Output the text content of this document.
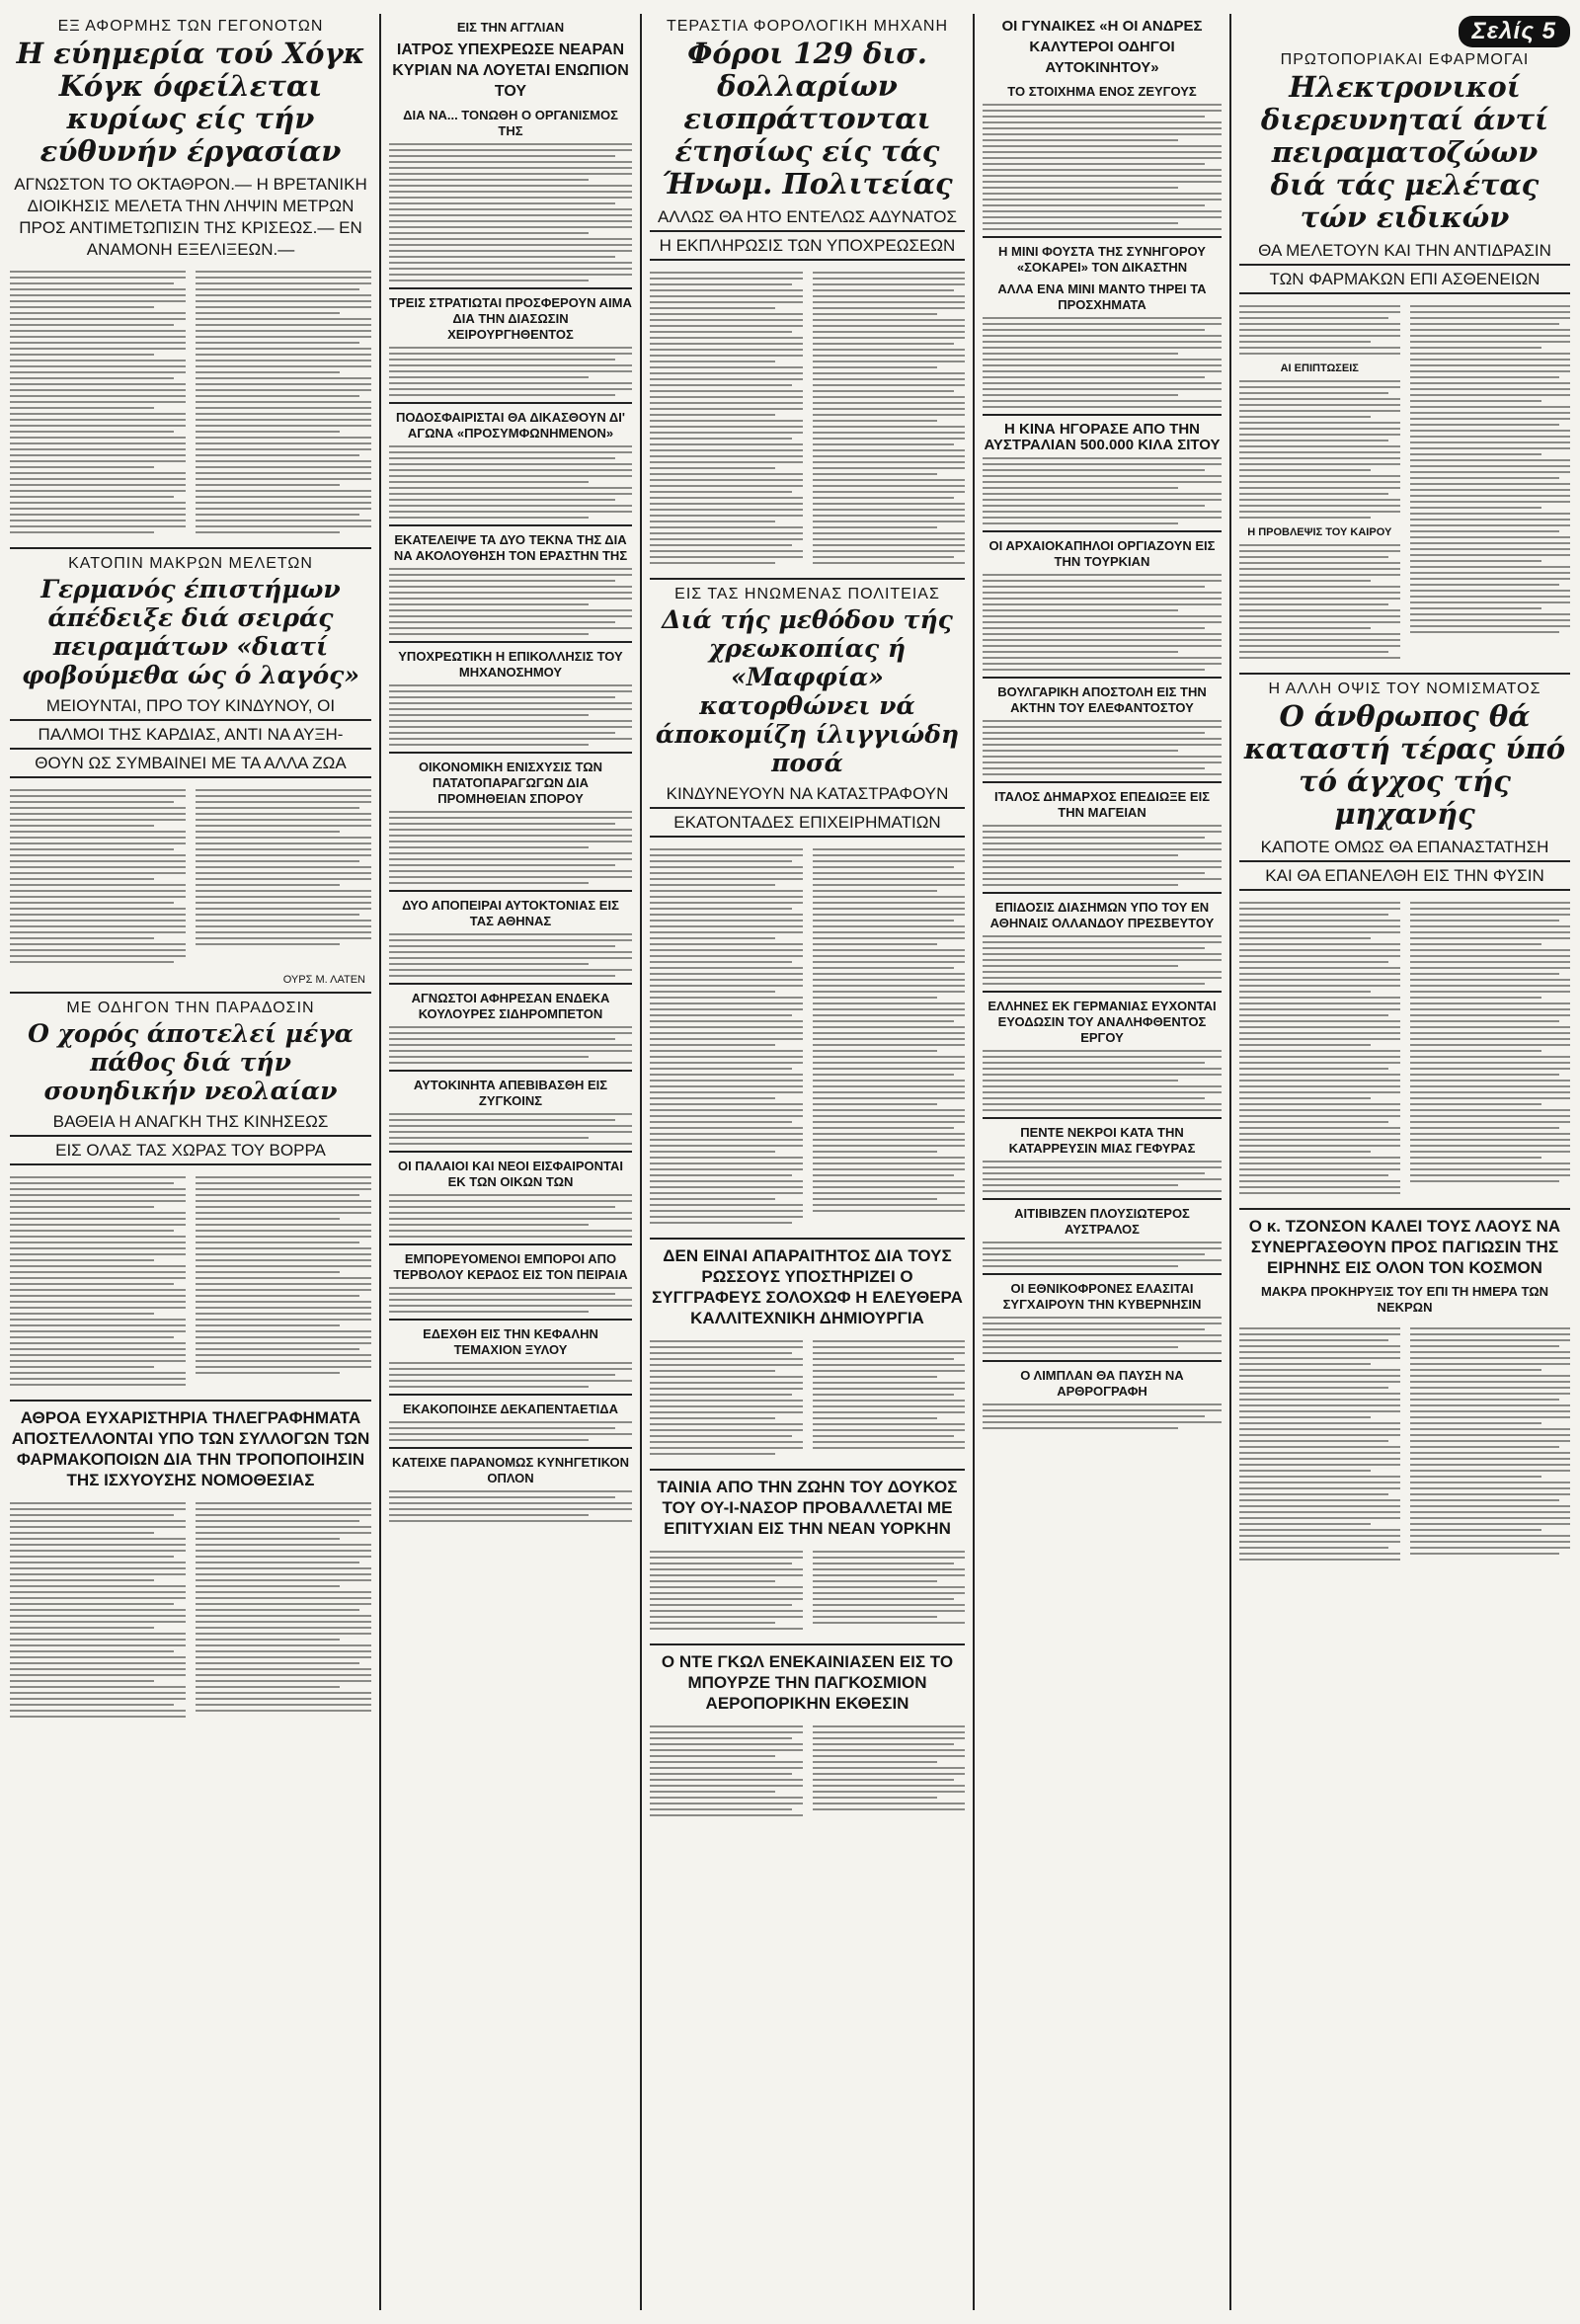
ΕΞ ΑΦΟΡΜΗΣ ΤΩΝ ΓΕΓΟΝΟΤΩΝ
Η εύημερία τού Χόγκ Κόγκ όφείλεται κυρίως είς τήν εύθυνήν έργασίαν
ΑΓΝΩΣΤΟΝ ΤΟ ΟΚΤΑΘΡΟΝ.— Η ΒΡΕΤΑΝΙΚΗ ΔΙΟΙΚΗΣΙΣ ΜΕΛΕΤΑ ΤΗΝ ΛΗΨΙΝ ΜΕΤΡΩΝ ΠΡΟΣ ΑΝΤΙΜΕΤΩΠΙΣΙΝ ΤΗΣ ΚΡΙΣΕΩΣ.— ΕΝ ΑΝΑΜΟΝΗ ΕΞΕΛΙΞΕΩΝ.—
ΚΑΤΟΠΙΝ ΜΑΚΡΩΝ ΜΕΛΕΤΩΝ
Γερμανός έπιστήμων άπέδειξε διά σειράς πειραμάτων «διατί φοβούμεθα ώς ό λαγός»
ΜΕΙΟΥΝΤΑΙ, ΠΡΟ ΤΟΥ ΚΙΝΔΥΝΟΥ, ΟΙ
ΠΑΛΜΟΙ ΤΗΣ ΚΑΡΔΙΑΣ, ΑΝΤΙ ΝΑ ΑΥΞΗ-
ΘΟΥΝ ΩΣ ΣΥΜΒΑΙΝΕΙ ΜΕ ΤΑ ΑΛΛΑ ΖΩΑ
ΟΥΡΣ Μ. ΛΑΤΕΝ
ΜΕ ΟΔΗΓΟΝ ΤΗΝ ΠΑΡΑΔΟΣΙΝ
Ο χορός άποτελεί μέγα πάθος διά τήν σουηδικήν νεολαίαν
ΒΑΘΕΙΑ Η ΑΝΑΓΚΗ ΤΗΣ ΚΙΝΗΣΕΩΣ
ΕΙΣ ΟΛΑΣ ΤΑΣ ΧΩΡΑΣ ΤΟΥ ΒΟΡΡΑ
ΑΘΡΟΑ ΕΥΧΑΡΙΣΤΗΡΙΑ ΤΗΛΕΓΡΑΦΗΜΑΤΑ ΑΠΟΣΤΕΛΛΟΝΤΑΙ ΥΠΟ ΤΩΝ ΣΥΛΛΟΓΩΝ ΤΩΝ ΦΑΡΜΑΚΟΠΟΙΩΝ ΔΙΑ ΤΗΝ ΤΡΟΠΟΠΟΙΗΣΙΝ ΤΗΣ ΙΣΧΥΟΥΣΗΣ ΝΟΜΟΘΕΣΙΑΣ
ΕΙΣ ΤΗΝ ΑΓΓΛΙΑΝ
ΙΑΤΡΟΣ ΥΠΕΧΡΕΩΣΕ ΝΕΑΡΑΝ ΚΥΡΙΑΝ ΝΑ ΛΟΥΕΤΑΙ ΕΝΩΠΙΟΝ ΤΟΥ
ΔΙΑ ΝΑ... ΤΟΝΩΘΗ Ο ΟΡΓΑΝΙΣΜΟΣ ΤΗΣ
ΤΡΕΙΣ ΣΤΡΑΤΙΩΤΑΙ ΠΡΟΣΦΕΡΟΥΝ ΑΙΜΑ ΔΙΑ ΤΗΝ ΔΙΑΣΩΣΙΝ ΧΕΙΡΟΥΡΓΗΘΕΝΤΟΣ
ΠΟΔΟΣΦΑΙΡΙΣΤΑΙ ΘΑ ΔΙΚΑΣΘΟΥΝ ΔΙ' ΑΓΩΝΑ «ΠΡΟΣΥΜΦΩΝΗΜΕΝΟΝ»
ΕΚΑΤΕΛΕΙΨΕ ΤΑ ΔΥΟ ΤΕΚΝΑ ΤΗΣ ΔΙΑ ΝΑ ΑΚΟΛΟΥΘΗΣΗ ΤΟΝ ΕΡΑΣΤΗΝ ΤΗΣ
ΥΠΟΧΡΕΩΤΙΚΗ Η ΕΠΙΚΟΛΛΗΣΙΣ ΤΟΥ ΜΗΧΑΝΟΣΗΜΟΥ
ΟΙΚΟΝΟΜΙΚΗ ΕΝΙΣΧΥΣΙΣ ΤΩΝ ΠΑΤΑΤΟΠΑΡΑΓΩΓΩΝ ΔΙΑ ΠΡΟΜΗΘΕΙΑΝ ΣΠΟΡΟΥ
ΔΥΟ ΑΠΟΠΕΙΡΑΙ ΑΥΤΟΚΤΟΝΙΑΣ ΕΙΣ ΤΑΣ ΑΘΗΝΑΣ
ΑΓΝΩΣΤΟΙ ΑΦΗΡΕΣΑΝ ΕΝΔΕΚΑ ΚΟΥΛΟΥΡΕΣ ΣΙΔΗΡΟΜΠΕΤΟΝ
ΑΥΤΟΚΙΝΗΤΑ ΑΠΕΒΙΒΑΣΘΗ ΕΙΣ ΖΥΓΚΟΙΝΣ
ΟΙ ΠΑΛΑΙΟΙ ΚΑΙ ΝΕΟΙ ΕΙΣΦΑΙΡΟΝΤΑΙ ΕΚ ΤΩΝ ΟΙΚΩΝ ΤΩΝ
ΕΜΠΟΡΕΥΟΜΕΝΟΙ ΕΜΠΟΡΟΙ ΑΠΟ ΤΕΡΒΟΛΟΥ ΚΕΡΔΟΣ ΕΙΣ ΤΟΝ ΠΕΙΡΑΙΑ
ΕΔΕΧΘΗ ΕΙΣ ΤΗΝ ΚΕΦΑΛΗΝ ΤΕΜΑΧΙΟΝ ΞΥΛΟΥ
ΕΚΑΚΟΠΟΙΗΣΕ ΔΕΚΑΠΕΝΤΑΕΤΙΔΑ
ΚΑΤΕΙΧΕ ΠΑΡΑΝΟΜΩΣ ΚΥΝΗΓΕΤΙΚΟΝ ΟΠΛΟΝ
ΤΕΡΑΣΤΙΑ ΦΟΡΟΛΟΓΙΚΗ ΜΗΧΑΝΗ
Φόροι 129 δισ. δολλαρίων εισπράττονται έτησίως είς τάς Ήνωμ. Πολιτείας
ΑΛΛΩΣ ΘΑ ΗΤΟ ΕΝΤΕΛΩΣ ΑΔΥΝΑΤΟΣ
Η ΕΚΠΛΗΡΩΣΙΣ ΤΩΝ ΥΠΟΧΡΕΩΣΕΩΝ
ΕΙΣ ΤΑΣ ΗΝΩΜΕΝΑΣ ΠΟΛΙΤΕΙΑΣ
Διά τής μεθόδου τής χρεωκοπίας ή «Μαφφία» κατορθώνει νά άποκομίζη ίλιγγιώδη ποσά
ΚΙΝΔΥΝΕΥΟΥΝ ΝΑ ΚΑΤΑΣΤΡΑΦΟΥΝ
ΕΚΑΤΟΝΤΑΔΕΣ ΕΠΙΧΕΙΡΗΜΑΤΙΩΝ
ΔΕΝ ΕΙΝΑΙ ΑΠΑΡΑΙΤΗΤΟΣ ΔΙΑ ΤΟΥΣ ΡΩΣΣΟΥΣ ΥΠΟΣΤΗΡΙΖΕΙ Ο ΣΥΓΓΡΑΦΕΥΣ ΣΟΛΟΧΩΦ Η ΕΛΕΥΘΕΡΑ ΚΑΛΛΙΤΕΧΝΙΚΗ ΔΗΜΙΟΥΡΓΙΑ
ΤΑΙΝΙΑ ΑΠΟ ΤΗΝ ΖΩΗΝ ΤΟΥ ΔΟΥΚΟΣ ΤΟΥ ΟΥ-Ι-ΝΑΣΟΡ ΠΡΟΒΑΛΛΕΤΑΙ ΜΕ ΕΠΙΤΥΧΙΑΝ ΕΙΣ ΤΗΝ ΝΕΑΝ ΥΟΡΚΗΝ
Ο ΝΤΕ ΓΚΩΛ ΕΝΕΚΑΙΝΙΑΣΕΝ ΕΙΣ ΤΟ ΜΠΟΥΡΖΕ ΤΗΝ ΠΑΓΚΟΣΜΙΟΝ ΑΕΡΟΠΟΡΙΚΗΝ ΕΚΘΕΣΙΝ
ΟΙ ΓΥΝΑΙΚΕΣ «Η ΟΙ ΑΝΔΡΕΣ ΚΑΛΥΤΕΡΟΙ ΟΔΗΓΟΙ ΑΥΤΟΚΙΝΗΤΟΥ»
ΤΟ ΣΤΟΙΧΗΜΑ ΕΝΟΣ ΖΕΥΓΟΥΣ
Η ΜΙΝΙ ΦΟΥΣΤΑ ΤΗΣ ΣΥΝΗΓΟΡΟΥ «ΣΟΚΑΡΕΙ» ΤΟΝ ΔΙΚΑΣΤΗΝ
ΑΛΛΑ ΕΝΑ ΜΙΝΙ ΜΑΝΤΟ ΤΗΡΕΙ ΤΑ ΠΡΟΣΧΗΜΑΤΑ
Η ΚΙΝΑ ΗΓΟΡΑΣΕ ΑΠΟ ΤΗΝ ΑΥΣΤΡΑΛΙΑΝ 500.000 ΚΙΛΑ ΣΙΤΟΥ
ΟΙ ΑΡΧΑΙΟΚΑΠΗΛΟΙ ΟΡΓΙΑΖΟΥΝ ΕΙΣ ΤΗΝ ΤΟΥΡΚΙΑΝ
ΒΟΥΛΓΑΡΙΚΗ ΑΠΟΣΤΟΛΗ ΕΙΣ ΤΗΝ ΑΚΤΗΝ ΤΟΥ ΕΛΕΦΑΝΤΟΣΤΟΥ
ΙΤΑΛΟΣ ΔΗΜΑΡΧΟΣ ΕΠΕΔΙΩΞΕ ΕΙΣ ΤΗΝ ΜΑΓΕΙΑΝ
ΕΠΙΔΟΣΙΣ ΔΙΑΣΗΜΩΝ ΥΠΟ ΤΟΥ ΕΝ ΑΘΗΝΑΙΣ ΟΛΛΑΝΔΟΥ ΠΡΕΣΒΕΥΤΟΥ
ΕΛΛΗΝΕΣ ΕΚ ΓΕΡΜΑΝΙΑΣ ΕΥΧΟΝΤΑΙ ΕΥΟΔΩΣΙΝ ΤΟΥ ΑΝΑΛΗΦΘΕΝΤΟΣ ΕΡΓΟΥ
ΠΕΝΤΕ ΝΕΚΡΟΙ ΚΑΤΑ ΤΗΝ ΚΑΤΑΡΡΕΥΣΙΝ ΜΙΑΣ ΓΕΦΥΡΑΣ
ΑΙΤΙΒΙΒΖΕΝ ΠΛΟΥΣΙΩΤΕΡΟΣ ΑΥΣΤΡΑΛΟΣ
ΟΙ ΕΘΝΙΚΟΦΡΟΝΕΣ ΕΛΑΣΙΤΑΙ ΣΥΓΧΑΙΡΟΥΝ ΤΗΝ ΚΥΒΕΡΝΗΣΙΝ
Ο ΛΙΜΠΛΑΝ ΘΑ ΠΑΥΣΗ ΝΑ ΑΡΘΡΟΓΡΑΦΗ
Σελίς 5
ΠΡΩΤΟΠΟΡΙΑΚΑΙ ΕΦΑΡΜΟΓΑΙ
Ηλεκτρονικοί διερευνηταί άντί πειραματοζώων διά τάς μελέτας τών ειδικών
ΘΑ ΜΕΛΕΤΟΥΝ ΚΑΙ ΤΗΝ ΑΝΤΙΔΡΑΣΙΝ
ΤΩΝ ΦΑΡΜΑΚΩΝ ΕΠΙ ΑΣΘΕΝΕΙΩΝ
ΑΙ ΕΠΙΠΤΩΣΕΙΣ
Η ΠΡΟΒΛΕΨΙΣ ΤΟΥ ΚΑΙΡΟΥ
Η ΑΛΛΗ ΟΨΙΣ ΤΟΥ ΝΟΜΙΣΜΑΤΟΣ
Ο άνθρωπος θά καταστή τέρας ύπό τό άγχος τής μηχανής
ΚΑΠΟΤΕ ΟΜΩΣ ΘΑ ΕΠΑΝΑΣΤΑΤΗΣΗ
ΚΑΙ ΘΑ ΕΠΑΝΕΛΘΗ ΕΙΣ ΤΗΝ ΦΥΣΙΝ
Ο κ. ΤΖΟΝΣΟΝ ΚΑΛΕΙ ΤΟΥΣ ΛΑΟΥΣ ΝΑ ΣΥΝΕΡΓΑΣΘΟΥΝ ΠΡΟΣ ΠΑΓΙΩΣΙΝ ΤΗΣ ΕΙΡΗΝΗΣ ΕΙΣ ΟΛΟΝ ΤΟΝ ΚΟΣΜΟΝ
ΜΑΚΡΑ ΠΡΟΚΗΡΥΞΙΣ ΤΟΥ ΕΠΙ ΤΗ ΗΜΕΡΑ ΤΩΝ ΝΕΚΡΩΝ
